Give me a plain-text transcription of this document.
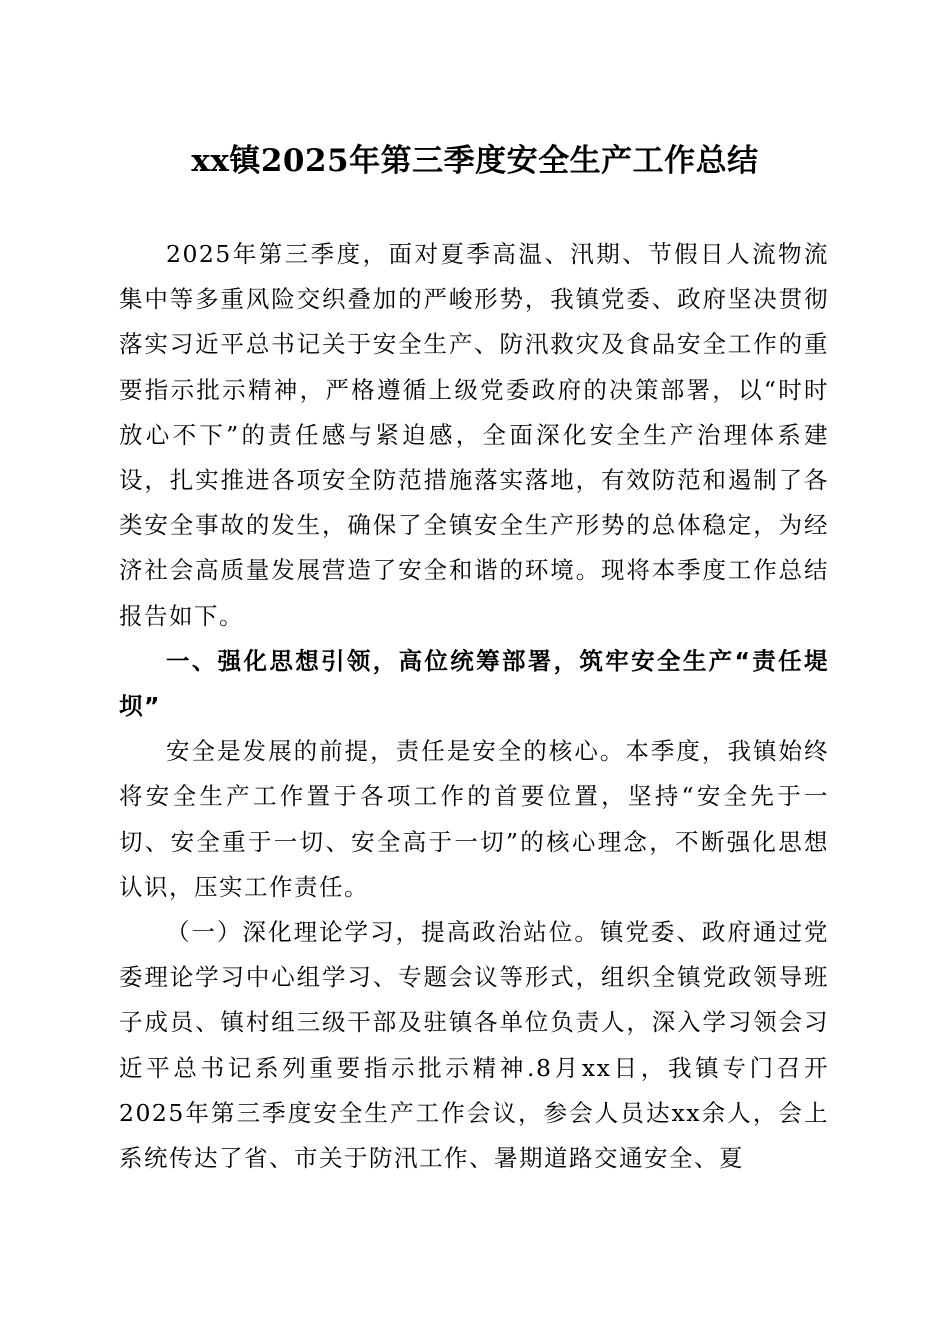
xx镇2025年第三季度安全生产工作总结

2025年第三季度，面对夏季高温、汛期、节假日人流物流集中等多重风险交织叠加的严峻形势，我镇党委、政府坚决贯彻落实习近平总书记关于安全生产、防汛救灾及食品安全工作的重要指示批示精神，严格遵循上级党委政府的决策部署，以“时时放心不下”的责任感与紧迫感，全面深化安全生产治理体系建设，扎实推进各项安全防范措施落实落地，有效防范和遏制了各类安全事故的发生，确保了全镇安全生产形势的总体稳定，为经济社会高质量发展营造了安全和谐的环境。现将本季度工作总结报告如下。

一、强化思想引领，高位统筹部署，筑牢安全生产“责任堤坝”

安全是发展的前提，责任是安全的核心。本季度，我镇始终将安全生产工作置于各项工作的首要位置，坚持“安全先于一切、安全重于一切、安全高于一切”的核心理念，不断强化思想认识，压实工作责任。

（一）深化理论学习，提高政治站位。镇党委、政府通过党委理论学习中心组学习、专题会议等形式，组织全镇党政领导班子成员、镇村组三级干部及驻镇各单位负责人，深入学习领会习近平总书记系列重要指示批示精神.8月xx日，我镇专门召开2025年第三季度安全生产工作会议，参会人员达xx余人，会上系统传达了省、市关于防汛工作、暑期道路交通安全、夏
